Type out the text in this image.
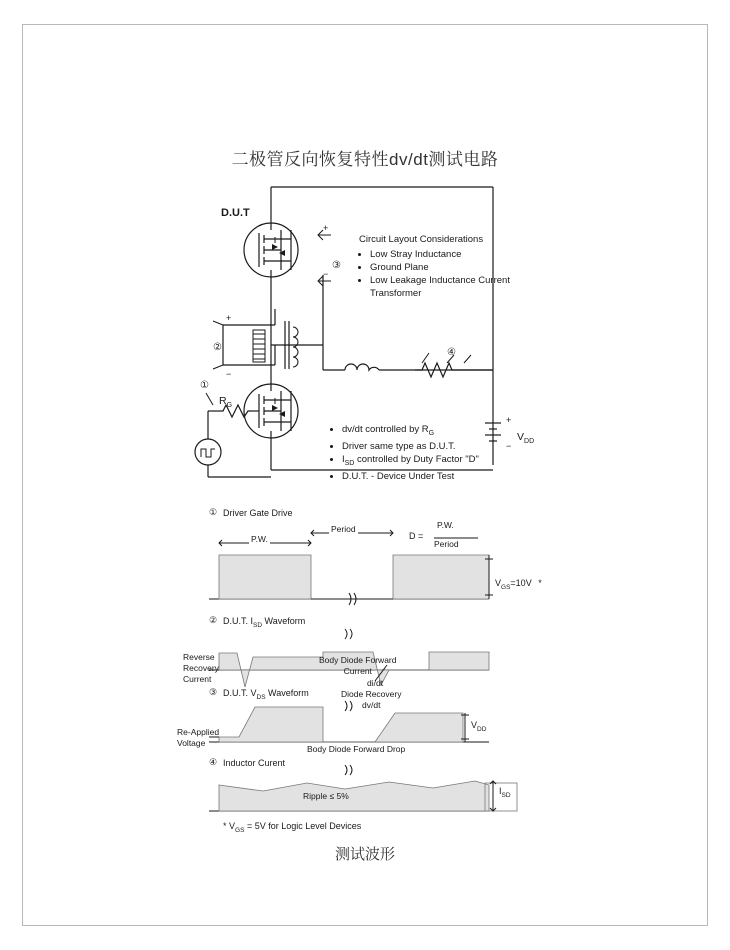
二极管反向恢复特性dv/dt测试电路
测试波形
①
②
③
④
+
−
+
−
+
−
D.U.T
Circuit Layout Considerations
• Low Stray Inductance
• Ground Plane
• Low Leakage Inductance Current Transformer
• dv/dt controlled by $R_G$
• Driver same type as D.U.T.
• $I_{SD}$ controlled by Duty Factor "D"
• D.U.T. - Device Under Test
$R_G$
$V_{DD}$
① Driver Gate Drive
P.W.
Period
D =
P.W.
Period
$V_{GS}=10V$ *
② D.U.T. $I_{SD}$ Waveform
Reverse
Recovery
Current
Body Diode Forward
Current
di/dt
③ D.U.T. $V_{DS}$ Waveform
Re-Applied
Voltage
Diode Recovery
dv/dt
Body Diode Forward Drop
$V_{DD}$
④ Inductor Curent
Ripple ≤ 5%	$I_{SD}$
* $V_{GS} = 5V$ for Logic Level Devices
